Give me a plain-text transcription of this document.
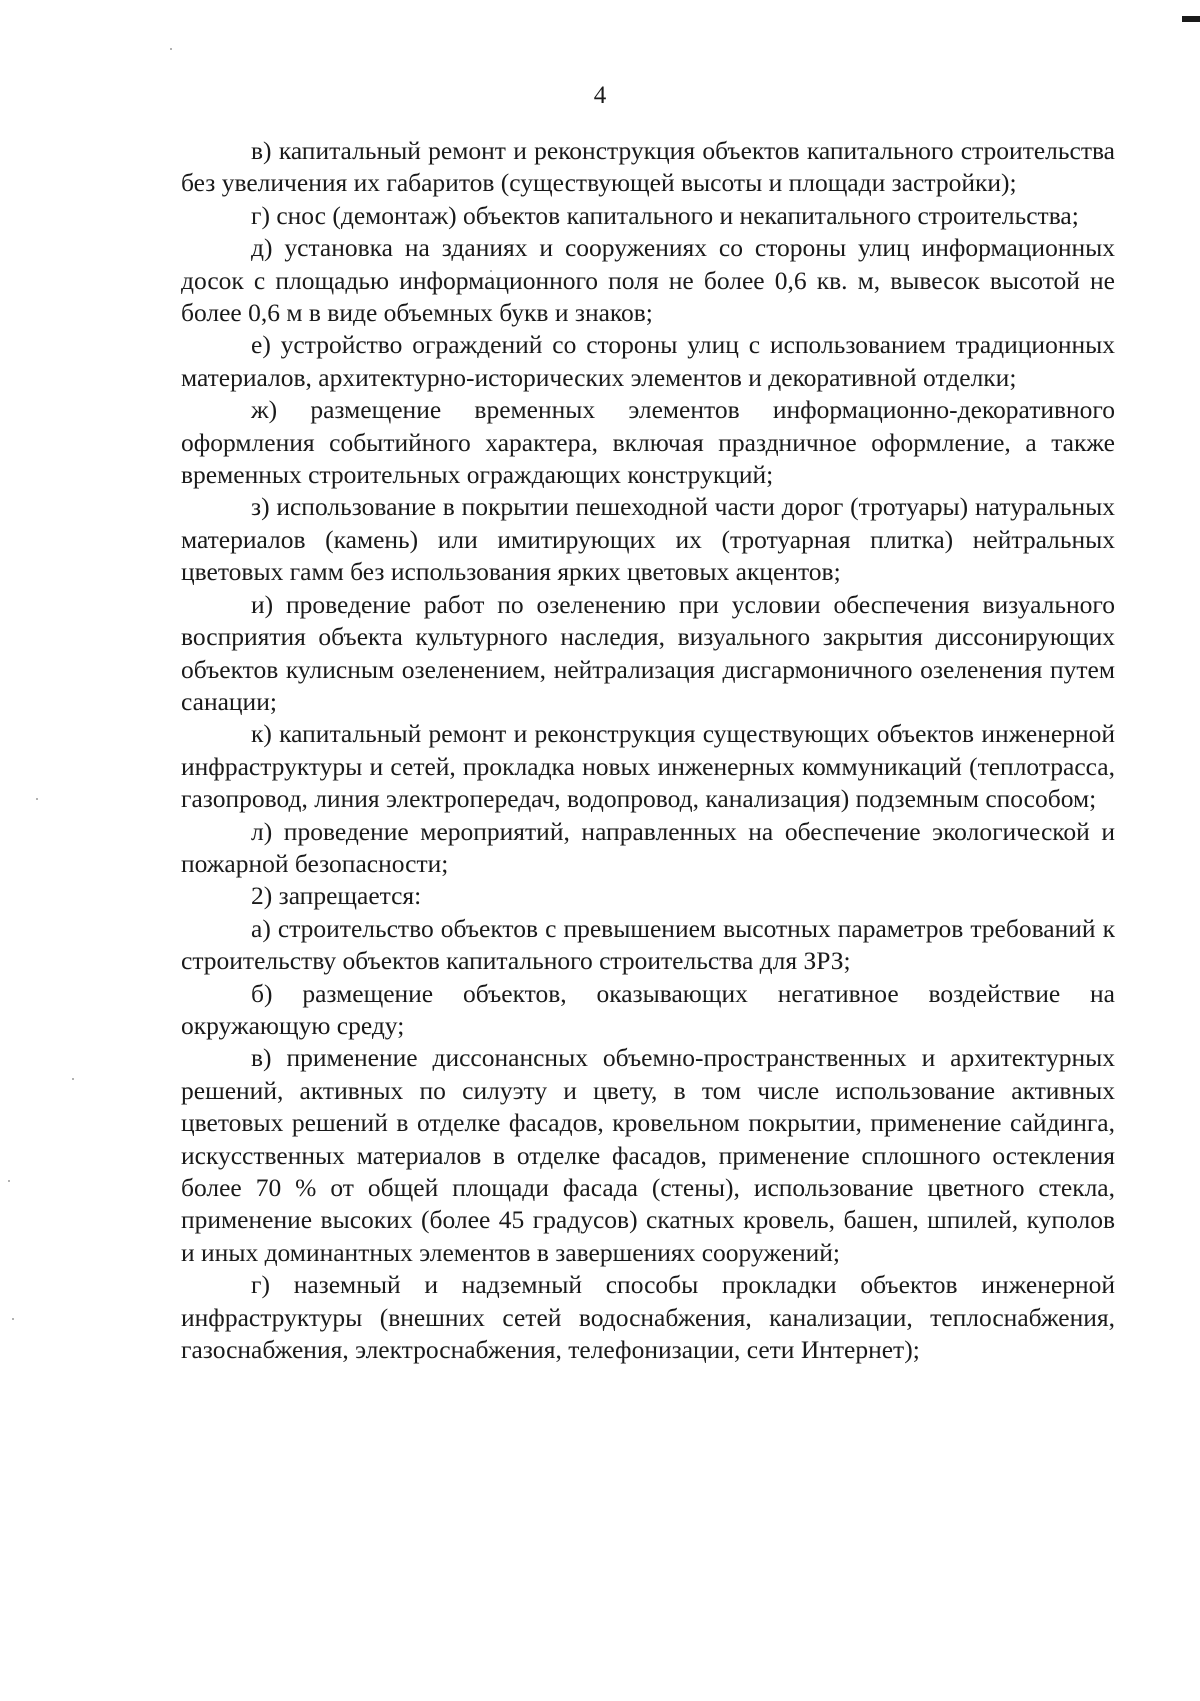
4

в) капитальный ремонт и реконструкция объектов капитального строительства без увеличения их габаритов (существующей высоты и площади застройки);

г) снос (демонтаж) объектов капитального и некапитального строительства;

д) установка на зданиях и сооружениях со стороны улиц информационных досок с площадью информационного поля не более 0,6 кв. м, вывесок высотой не более 0,6 м в виде объемных букв и знаков;

е) устройство ограждений со стороны улиц с использованием традиционных материалов, архитектурно-исторических элементов и декоративной отделки;

ж) размещение временных элементов информационно-декоративного оформления событийного характера, включая праздничное оформление, а также временных строительных ограждающих конструкций;

з) использование в покрытии пешеходной части дорог (тротуары) натуральных материалов (камень) или имитирующих их (тротуарная плитка) нейтральных цветовых гамм без использования ярких цветовых акцентов;

и) проведение работ по озеленению при условии обеспечения визуального восприятия объекта культурного наследия, визуального закрытия диссонирующих объектов кулисным озеленением, нейтрализация дисгармоничного озеленения путем санации;

к) капитальный ремонт и реконструкция существующих объектов инженерной инфраструктуры и сетей, прокладка новых инженерных коммуникаций (теплотрасса, газопровод, линия электропередач, водопровод, канализация) подземным способом;

л) проведение мероприятий, направленных на обеспечение экологической и пожарной безопасности;

2) запрещается:

а) строительство объектов с превышением высотных параметров требований к строительству объектов капитального строительства для ЗРЗ;

б) размещение объектов, оказывающих негативное воздействие на окружающую среду;

в) применение диссонансных объемно-пространственных и архитектурных решений, активных по силуэту и цвету, в том числе использование активных цветовых решений в отделке фасадов, кровельном покрытии, применение сайдинга, искусственных материалов в отделке фасадов, применение сплошного остекления более 70 % от общей площади фасада (стены), использование цветного стекла, применение высоких (более 45 градусов) скатных кровель, башен, шпилей, куполов и иных доминантных элементов в завершениях сооружений;

г) наземный и надземный способы прокладки объектов инженерной инфраструктуры (внешних сетей водоснабжения, канализации, теплоснабжения, газоснабжения, электроснабжения, телефонизации, сети Интернет);
